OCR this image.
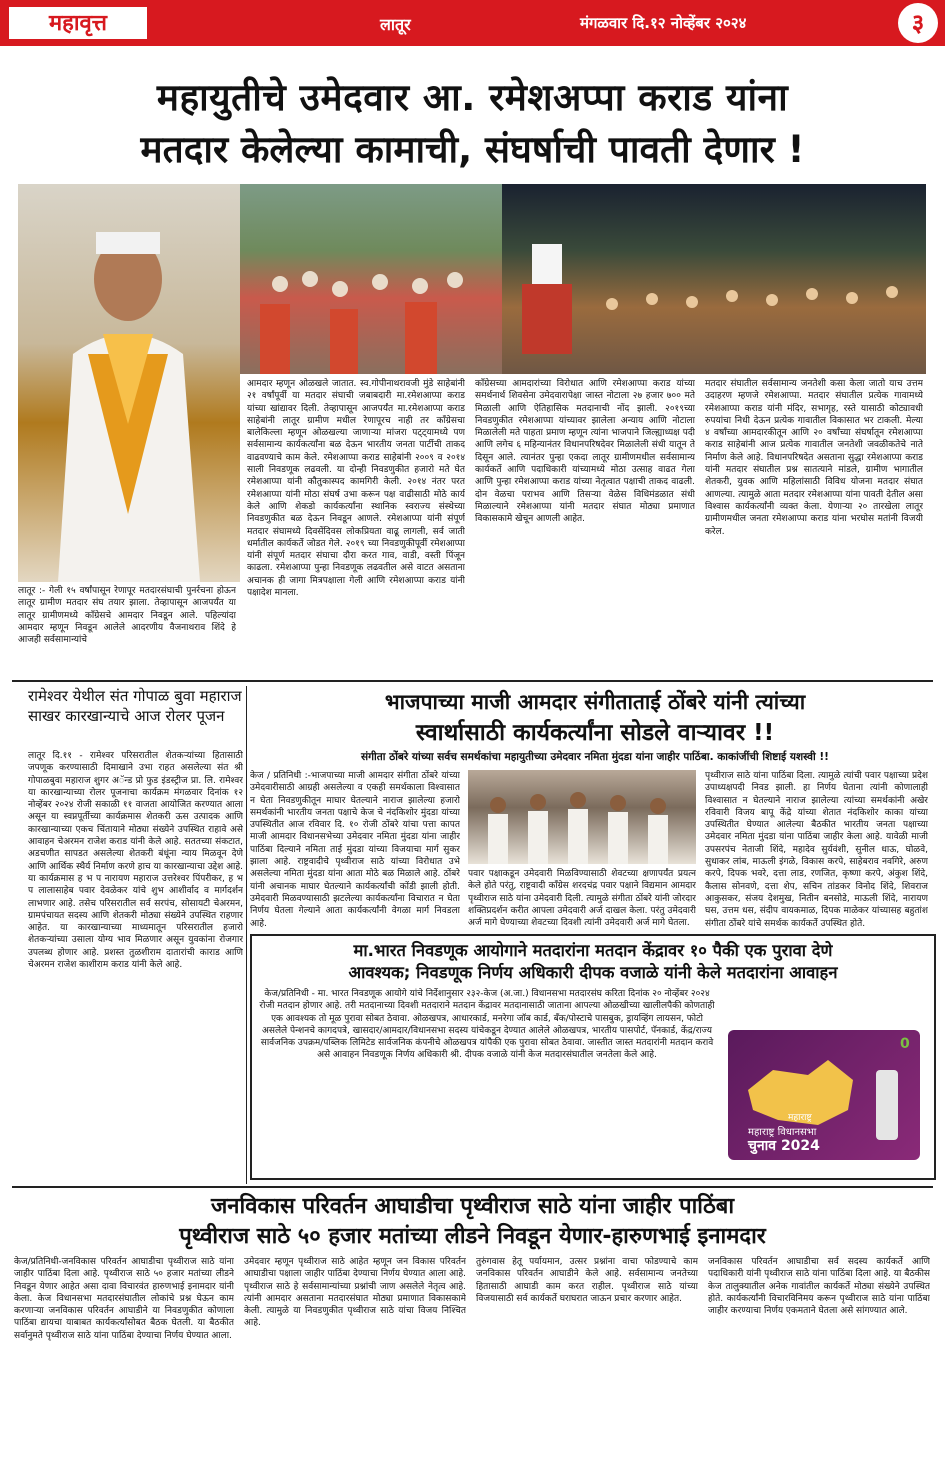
महावृत्त	लातूर	मंगळवार दि.१२ नोव्हेंबर २०२४	३
महायुतीचे उमेदवार आ. रमेशअप्पा कराड यांना
मतदार केलेल्या कामाची, संघर्षाची पावती देणार !
लातूर :- गेली १५ वर्षांपासून रेणापूर मतदारसंघाची पुनर्रचना होऊन लातूर ग्रामीण मतदार संघ तयार झाला. तेव्हापासून आजपर्यंत या लातूर ग्रामीणमध्ये काँग्रेसचे आमदार निवडून आले. पहिल्यांदा आमदार म्हणून निवडून आलेले आदरणीय वैजनाथराव शिंदे हे आजही सर्वसामान्यांचे
आमदार म्हणून ओळखले जातात. स्व.गोपीनाथरावजी मुंडे साहेबांनी २१ वर्षांपूर्वी या मतदार संघाची जबाबदारी मा.रमेशआप्पा कराड यांच्या खांद्यावर दिली. तेव्हापासून आजपर्यंत मा.रमेशआप्पा कराड साहेबांनी लातूर ग्रामीण मधील रेणापूरच नाही तर काँग्रेसचा बालेकिल्ला म्हणून ओळखल्या जाणाऱ्या मांजरा पट्ट्यामध्ये पण सर्वसामान्य कार्यकर्त्यांना बळ देऊन भारतीय जनता पार्टीची ताकद वाढवण्याचे काम केले. रमेशआप्पा कराड साहेबांनी २००९ व २०१४ साली निवडणूक लढवली. या दोन्ही निवडणुकीत हजारो मते घेत रमेशआप्पा यांनी कौतुकास्पद कामगिरी केली. २०१४ नंतर परत रमेशआप्पा यांनी मोठा संघर्ष उभा करून पक्ष वाढीसाठी मोठे कार्य केले आणि शेकडो कार्यकर्त्यांना स्थानिक स्वराज्य संस्थेच्या निवडणुकीत बळ देऊन निवडून आणले. रमेशआप्पा यांनी संपूर्ण मतदार संघामध्ये दिवसेंदिवस लोकप्रियता वाढू लागली, सर्व जाती धर्मातील कार्यकर्ते जोडत गेले. २०१९ च्या निवडणुकीपूर्वी रमेशआप्पा यांनी संपूर्ण मतदार संघाचा दौरा करत गाव, वाडी, वस्ती पिंजून काढला. रमेशआप्पा पुन्हा निवडणूक लढवतील असे वाटत असताना अचानक ही जागा मित्रपक्षाला गेली आणि रमेशआप्पा कराड यांनी पक्षादेश मानला.
कॉंग्रेसच्या आमदारांच्या विरोधात आणि रमेशआप्पा कराड यांच्या समर्थनार्थ शिवसेना उमेदवारापेक्षा जास्त नोटाला २७ हजार ७०० मते मिळाली आणि ऐतिहासिक मतदानाची नोंद झाली. २०१९च्या निवडणुकीत रमेशआप्पा यांच्यावर झालेला अन्याय आणि नोटाला मिळालेली मते पाहता प्रमाण म्हणून त्यांना भाजपाने जिल्ह्याध्यक्ष पदी आणि लगेच ६ महिन्यानंतर विधानपरिषदेवर मिळालेली संधी यातून ते दिसून आले. त्यानंतर पुन्हा एकदा लातूर ग्रामीणमधील सर्वसामान्य कार्यकर्ते आणि पदाधिकारी यांच्यामध्ये मोठा उत्साह वाढत गेला आणि पुन्हा रमेशआप्पा कराड यांच्या नेतृत्वात पक्षाची ताकद वाढली. दोन वेळचा पराभव आणि तिसऱ्या वेळेस विधिमंडळात संधी मिळाल्याने रमेशआप्पा यांनी मतदार संघात मोठ्या प्रमाणात विकासकामे खेचून आणली आहेत.
मतदार संघातील सर्वसामान्य जनतेशी कसा केला जातो याच उत्तम उदाहरण म्हणजे रमेशआप्पा. मतदार संघातील प्रत्येक गावामध्ये रमेशआप्पा कराड यांनी मंदिर, सभागृह, रस्ते यासाठी कोट्यावधी रुपयांचा निधी देऊन प्रत्येक गावातील विकासात भर टाकली. मेल्या ४ वर्षांच्या आमदारकीतून आणि २० वर्षांच्या संघर्षातून रमेशआप्पा कराड साहेबांनी आज प्रत्येक गावातील जनतेशी जवळीकतेचे नाते निर्माण केले आहे. विधानपरिषदेत असताना सुद्धा रमेशआप्पा कराड यांनी मतदार संघातील प्रश्न सातत्याने मांडले, ग्रामीण भागातील शेतकरी, युवक आणि महिलांसाठी विविध योजना मतदार संघात आणल्या. त्यामुळे आता मतदार रमेशआप्पा यांना पावती देतील असा विश्वास कार्यकर्त्यांनी व्यक्त केला. येणाऱ्या २० तारखेला लातूर ग्रामीणमधील जनता रमेशआप्पा कराड यांना भरघोस मतांनी विजयी करेल.
रामेश्वर येथील संत गोपाळ बुवा महाराज साखर कारखान्याचे आज रोलर पूजन
लातूर दि.११ - रामेश्वर परिसरातील शेतकऱ्यांच्या हितासाठी जपणूक करण्यासाठी दिमाखाने उभा राहत असलेल्या संत श्री गोपाळबुवा महाराज शुगर अॅन्ड प्रो फुड इंडस्ट्रीज प्रा. लि. रामेश्वर या कारखान्याच्या रोलर पूजनाचा कार्यक्रम मंगळवार दिनांक १२ नोव्हेंबर २०२४ रोजी सकाळी ११ वाजता आयोजित करण्यात आला असून या स्वप्नपूर्तीच्या कार्यक्रमास शेतकरी ऊस उत्पादक आणि कारखान्याच्या एकच चिंतायाने मोठ्या संख्येने उपस्थित राहावे असे आवाहन चेअरमन राजेश कराड यांनी केले आहे. सततच्या संकटात, अडचणीत सापडत असलेल्या शेतकरी बंधूंना न्याय मिळवून देणे आणि आर्थिक स्थैर्य निर्माण करणे हाच या कारखान्याचा उद्देश आहे. या कार्यक्रमास ह भ प नारायण महाराज उत्तरेश्वर पिंपरीकर, ह भ प लालासाहेब पवार देवळेकर यांचे शुभ आशीर्वाद व मार्गदर्शन लाभणार आहे. तसेच परिसरातील सर्व सरपंच, सोसायटी चेअरमन, ग्रामपंचायत सदस्य आणि शेतकरी मोठ्या संख्येने उपस्थित राहणार आहेत. या कारखान्याच्या माध्यमातून परिसरातील हजारो शेतकऱ्यांच्या उसाला योग्य भाव मिळणार असून युवकांना रोजगार उपलब्ध होणार आहे. प्रशस्त तुळशीराम दातारांची काराड आणि चेअरमन राजेश काशीराम कराड यांनी केले आहे.
भाजपाच्या माजी आमदार संगीताताई ठोंबरे यांनी त्यांच्या
स्वार्थासाठी कार्यकर्त्यांना सोडले वाऱ्यावर !!
संगीता ठोंबरे यांच्या सर्वच समर्थकांचा महायुतीच्या उमेदवार नमिता मुंदडा यांना जाहीर पाठिंबा. काकांजींची शिष्टाई यशस्वी !!
केज / प्रतिनिधी :-भाजपाच्या माजी आमदार संगीता ठोंबरे यांच्या उमेदवारीसाठी आग्रही असलेल्या व एकही समर्थकाला विश्वासात न घेता निवडणुकीतून माघार घेतल्याने नाराज झालेल्या हजारो समर्थकांनी भारतीय जनता पक्षाचे केज चे नंदकिशोर मुंदडा यांच्या उपस्थितीत आज रविवार दि. १० रोजी ठोंबरे यांचा पत्ता कापत माजी आमदार विधानसभेच्या उमेदवार नमिता मुंदडा यांना जाहीर पाठिंबा दिल्याने नमिता ताई मुंदडा यांच्या विजयाचा मार्ग सुकर झाला आहे. राष्ट्रवादीचे पृथ्वीराज साठे यांच्या विरोधात उभे असलेल्या नमिता मुंदडा यांना आता मोठे बळ मिळाले आहे. ठोंबरे यांनी अचानक माघार घेतल्याने कार्यकर्त्यांची कोंडी झाली होती. उमेदवारी मिळवण्यासाठी झटलेल्या कार्यकर्त्यांना विचारात न घेता निर्णय घेतला गेल्याने आता कार्यकर्त्यांनी वेगळा मार्ग निवडला आहे.
पवार पक्षाकडून उमेदवारी मिळविण्यासाठी शेवटच्या क्षणापर्यंत प्रयत्न केले होते परंतु, राष्ट्रवादी काँग्रेस शरदचंद्र पवार पक्षाने विद्यमान आमदार पृथ्वीराज साठे यांना उमेदवारी दिली. त्यामुळे संगीता ठोंबरे यांनी जोरदार शक्तिप्रदर्शन करीत आपला उमेदवारी अर्ज दाखल केला. परंतु उमेदवारी अर्ज मागे घेण्याच्या शेवटच्या दिवशी त्यांनी उमेदवारी अर्ज मागे घेतला.
पृथ्वीराज साठे यांना पाठिंबा दिला. त्यामुळे त्यांची पवार पक्षाच्या प्रदेश उपाध्यक्षपदी निवड झाली. हा निर्णय घेताना त्यांनी कोणालाही विश्वासात न घेतल्याने नाराज झालेल्या त्यांच्या समर्थकांनी अखेर रविवारी विजय बापू केंद्रे यांच्या शेतात नंदकिशोर काका यांच्या उपस्थितीत घेण्यात आलेल्या बैठकीत भारतीय जनता पक्षाच्या उमेदवार नमिता मुंदडा यांना पाठिंबा जाहीर केला आहे. यावेळी माजी उपसरपंच नेताजी शिंदे, महादेव सुर्यवंशी, सुनील धाऊ, घोळवे, सुधाकर लांब, माऊली इंगळे, विकास करपे, साहेबराव नवगिरे, अरुण करपे, दिपक भवरे, दत्ता लाड, रणजित, कृष्णा करपे, अंकुश शिंदे, कैलास सोनवणे, दत्ता शेप, सचिन तांडकर विनोद शिंदे, शिवराज आकुसकर, संजय देशमुख, नितीन बनसोडे, माऊली शिंदे, नारायण घस, उत्तम धस, संदीप वायकमाळ, दिपक माळेकर यांच्यासह बहुतांश संगीता ठोंबरे यांचे समर्थक कार्यकर्ते उपस्थित होते.
मा.भारत निवडणूक आयोगाने मतदारांना मतदान केंद्रावर १० पैकी एक पुरावा देणे
आवश्यक; निवडणूक निर्णय अधिकारी दीपक वजाळे यांनी केले मतदारांना आवाहन
केज/प्रतिनिधी - मा. भारत निवडणूक आयोगे यांचे निर्देशानुसार २३२-केज (अ.जा.) विधानसभा मतदारसंघ करिता दिनांक २० नोव्हेंबर २०२४ रोजी मतदान होणार आहे. तरी मतदानाच्या दिवशी मतदाराने मतदान केंद्रावर मतदानासाठी जाताना आपल्या ओळखीच्या खालीलपैकी कोणताही एक आवश्यक तो मूळ पुरावा सोबत ठेवावा. ओळखपत्र, आधारकार्ड, मनरेगा जॉब कार्ड, बँक/पोस्टाचे पासबुक, ड्रायव्हिंग लायसन, फोटो असलेले पेन्शनचे कागदपत्रे, खासदार/आमदार/विधानसभा सदस्य यांचेकडून देण्यात आलेले ओळखपत्र, भारतीय पासपोर्ट, पॅनकार्ड, केंद्र/राज्य सार्वजनिक उपक्रम/पब्लिक लिमिटेड सार्वजनिक कंपनीचे ओळखपत्र यांपैकी एक पुरावा सोबत ठेवावा. जास्तीत जास्त मतदारांनी मतदान करावे असे आवाहन निवडणूक निर्णय अधिकारी श्री. दीपक वजाळे यांनी केज मतदारसंघातील जनतेला केले आहे.
0
महाराष्ट्र
महाराष्ट्र विधानसभा
चुनाव 2024
जनविकास परिवर्तन आघाडीचा पृथ्वीराज साठे यांना जाहीर पाठिंबा
पृथ्वीराज साठे ५० हजार मतांच्या लीडने निवडून येणार-हारुणभाई इनामदार
केज/प्रतिनिधी-जनविकास परिवर्तन आघाडीचा पृथ्वीराज साठे यांना जाहीर पाठिंबा दिला आहे. पृथ्वीराज साठे ५० हजार मतांच्या लीडने निवडून येणार आहेत असा दावा विचारवंत हारुणभाई इनामदार यांनी केला. केज विधानसभा मतदारसंघातील लोकांचे प्रश्न घेऊन काम करणाऱ्या जनविकास परिवर्तन आघाडीने या निवडणुकीत कोणाला पाठिंबा द्यायचा याबाबत कार्यकर्त्यांसोबत बैठक घेतली. या बैठकीत सर्वानुमते पृथ्वीराज साठे यांना पाठिंबा देण्याचा निर्णय घेण्यात आला.
उमेदवार म्हणून पृथ्वीराज साठे आहेत म्हणून जन विकास परिवर्तन आघाडीचा पक्षाला जाहीर पाठिंबा देण्याचा निर्णय घेण्यात आला आहे. पृथ्वीराज साठे हे सर्वसामान्यांच्या प्रश्नांची जाण असलेले नेतृत्व आहे. त्यांनी आमदार असताना मतदारसंघात मोठ्या प्रमाणात विकासकामे केली. त्यामुळे या निवडणुकीत पृथ्वीराज साठे यांचा विजय निश्चित आहे.
तुरुंगवास हेतू पर्यायमान, उत्सर प्रश्नांना वाचा फोडण्याचे काम जनविकास परिवर्तन आघाडीने केले आहे. सर्वसामान्य जनतेच्या हितासाठी आघाडी काम करत राहील. पृथ्वीराज साठे यांच्या विजयासाठी सर्व कार्यकर्ते घराघरात जाऊन प्रचार करणार आहेत.
जनविकास परिवर्तन आघाडीचा सर्व सदस्य कार्यकर्ते आणि पदाधिकारी यांनी पृथ्वीराज साठे यांना पाठिंबा दिला आहे. या बैठकीस केज तालुक्यातील अनेक गावांतील कार्यकर्ते मोठ्या संख्येने उपस्थित होते. कार्यकर्त्यांनी विचारविनिमय करून पृथ्वीराज साठे यांना पाठिंबा जाहीर करण्याचा निर्णय एकमताने घेतला असे सांगण्यात आले.
